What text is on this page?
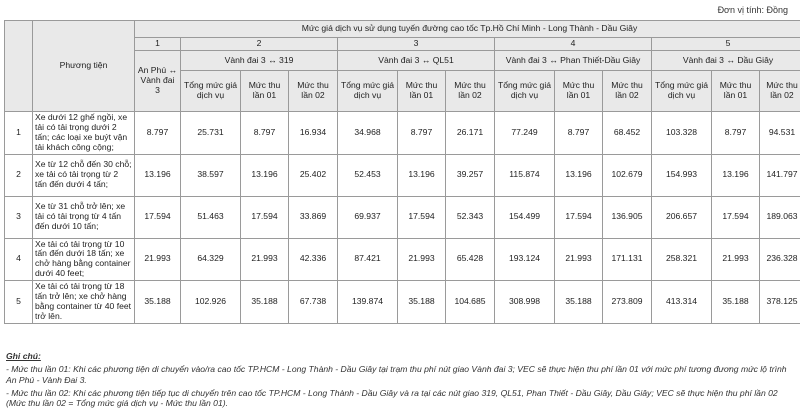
Đơn vị tính: Đồng
	Phương tiện	Mức giá dịch vụ sử dụng tuyến đường cao tốc Tp.Hồ Chí Minh - Long Thành - Dầu Giây												
		1	2			3			4			5		
		An Phú ↔ Vành đai 3	Vành đai 3 ↔ 319			Vành đai 3 ↔ QL51			Vành đai 3 ↔ Phan Thiết-Dầu Giây			Vành đai 3 ↔ Dầu Giây		
			Tổng mức giá dịch vụ	Mức thu lần 01	Mức thu lần 02	Tổng mức giá dịch vụ	Mức thu lần 01	Mức thu lần 02	Tổng mức giá dịch vụ	Mức thu lần 01	Mức thu lần 02	Tổng mức giá dịch vụ	Mức thu lần 01	Mức thu lần 02
1	Xe dưới 12 ghế ngồi, xe tải có tải trọng dưới 2 tấn; các loại xe buýt vận tải khách công cộng;	8.797	25.731	8.797	16.934	34.968	8.797	26.171	77.249	8.797	68.452	103.328	8.797	94.531
2	Xe từ 12 chỗ đến 30 chỗ; xe tải có tải trọng từ 2 tấn đến dưới 4 tấn;	13.196	38.597	13.196	25.402	52.453	13.196	39.257	115.874	13.196	102.679	154.993	13.196	141.797
3	Xe từ 31 chỗ trở lên; xe tải có tải trọng từ 4 tấn đến dưới 10 tấn;	17.594	51.463	17.594	33.869	69.937	17.594	52.343	154.499	17.594	136.905	206.657	17.594	189.063
4	Xe tải có tải trọng từ 10 tấn đến dưới 18 tấn; xe chở hàng bằng container dưới 40 feet;	21.993	64.329	21.993	42.336	87.421	21.993	65.428	193.124	21.993	171.131	258.321	21.993	236.328
5	Xe tải có tải trọng từ 18 tấn trở lên; xe chở hàng bằng container từ 40 feet trở lên.	35.188	102.926	35.188	67.738	139.874	35.188	104.685	308.998	35.188	273.809	413.314	35.188	378.125

Ghi chú:

- Mức thu lần 01: Khi các phương tiện di chuyển vào/ra cao tốc TP.HCM - Long Thành - Dầu Giây tại trạm thu phí nút giao Vành đai 3; VEC sẽ thực hiện thu phí lần 01 với mức phí tương đương mức lộ trình An Phú - Vành Đai 3.

- Mức thu lần 02: Khi các phương tiện tiếp tục di chuyển trên cao tốc TP.HCM - Long Thành - Dầu Giây và ra tại các nút giao 319, QL51, Phan Thiết - Dầu Giây, Dầu Giây; VEC sẽ thực hiện thu phí lần 02 (Mức thu lần 02 = Tổng mức giá dịch vụ - Mức thu lần 01).
